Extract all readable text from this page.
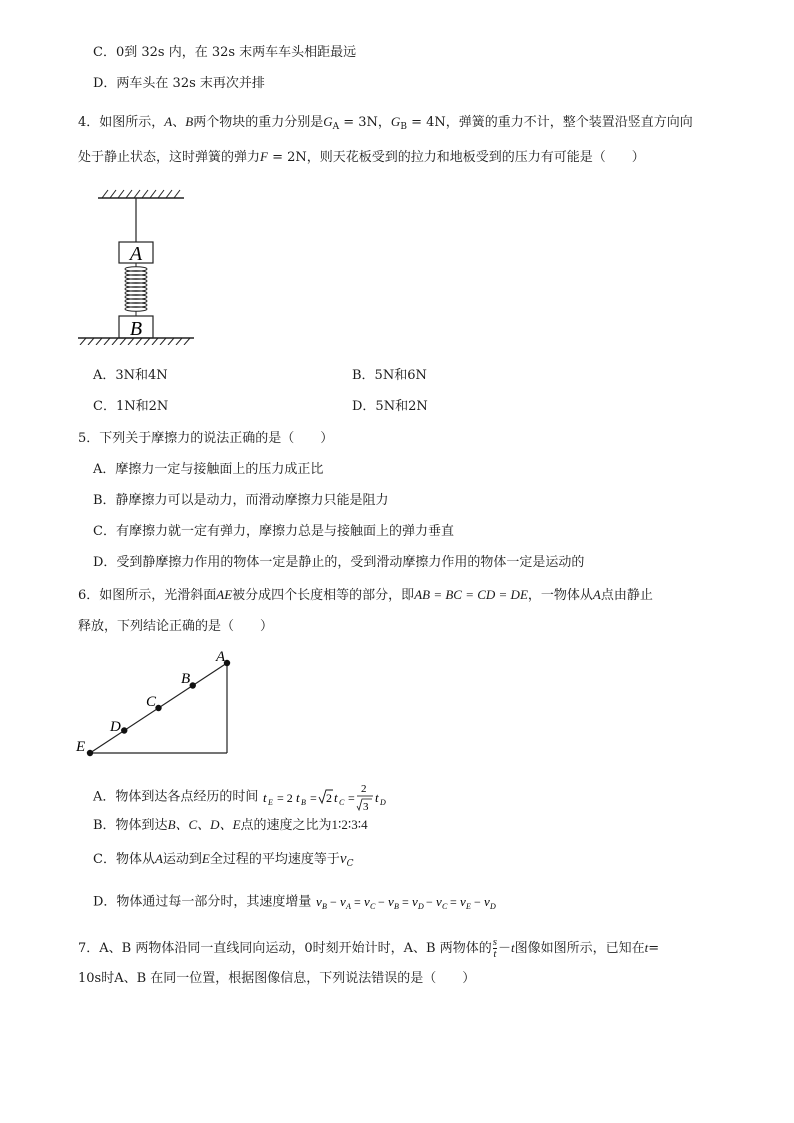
C．0到 32s 内，在 32s 末两车车头相距最远
D．两车头在 32s 末再次并排
4．如图所示，A、B两个物块的重力分别是$G_A = 3N$，$G_B = 4N$，弹簧的重力不计，整个装置沿竖直方向向
处于静止状态，这时弹簧的弹力F = 2N，则天花板受到的拉力和地板受到的压力有可能是（　　）
A
B
A．3N和4N	B．5N和6N
C．1N和2N	D．5N和2N
5．下列关于摩擦力的说法正确的是（　　）
A．摩擦力一定与接触面上的压力成正比
B．静摩擦力可以是动力，而滑动摩擦力只能是阻力
C．有摩擦力就一定有弹力，摩擦力总是与接触面上的弹力垂直
D．受到静摩擦力作用的物体一定是静止的，受到滑动摩擦力作用的物体一定是运动的
6．如图所示，光滑斜面AE被分成四个长度相等的部分，即AB = BC = CD = DE，一物体从A点由静止
释放，下列结论正确的是（　　）
A
B
C
D
E
A．物体到达各点经历的时间 t E = 2 t B = 2 t C =
2
3
t D
B．物体到达B、C、D、E点的速度之比为1∶2∶3∶4
C．物体从A运动到E全过程的平均速度等于$v_C$
D．物体通过每一部分时，其速度增量 v B − v A = v C − v B = v D − v C = v E − v D
7．A、B 两物体沿同一直线同向运动，0时刻开始计时，A、B 两物体的 $\frac{s}{t} -t$图像如图所示，已知在t=
10s时A、B 在同一位置，根据图像信息，下列说法错误的是（　　）
